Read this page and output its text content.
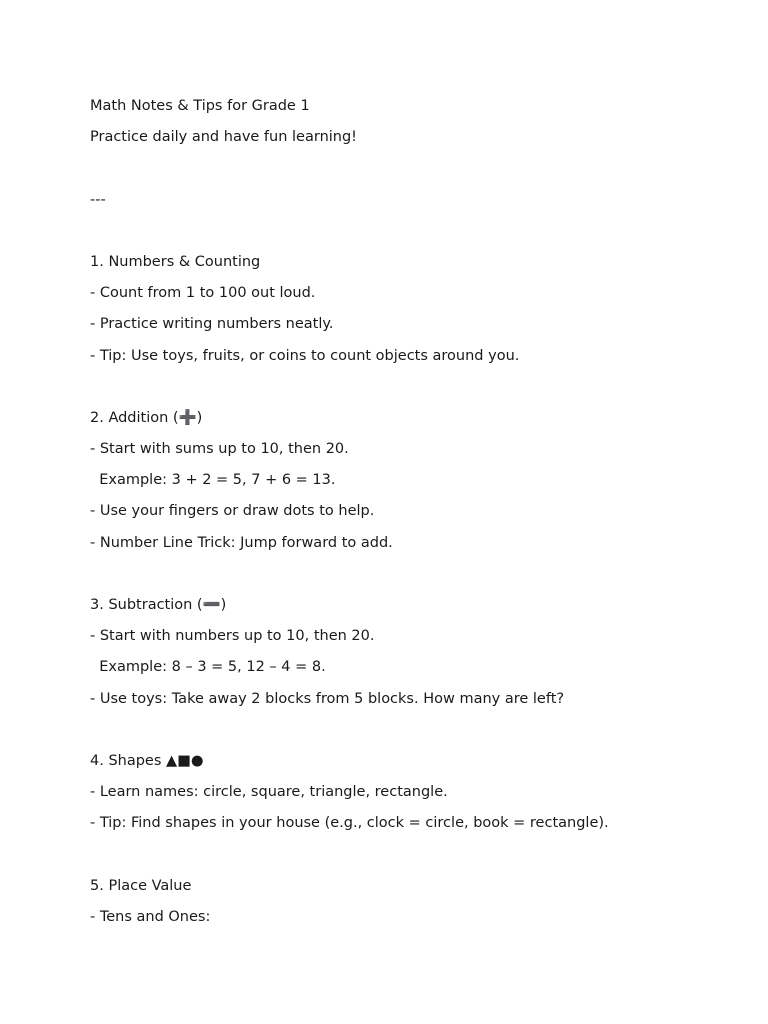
Math Notes & Tips for Grade 1

Practice daily and have fun learning!

---

1. Numbers & Counting

- Count from 1 to 100 out loud.

- Practice writing numbers neatly.

- Tip: Use toys, fruits, or coins to count objects around you.

2. Addition (➕)

- Start with sums up to 10, then 20.

Example: 3 + 2 = 5, 7 + 6 = 13.

- Use your fingers or draw dots to help.

- Number Line Trick: Jump forward to add.

3. Subtraction (➖)

- Start with numbers up to 10, then 20.

Example: 8 – 3 = 5, 12 – 4 = 8.

- Use toys: Take away 2 blocks from 5 blocks. How many are left?

4. Shapes ▲■●

- Learn names: circle, square, triangle, rectangle.

- Tip: Find shapes in your house (e.g., clock = circle, book = rectangle).

5. Place Value

- Tens and Ones:
